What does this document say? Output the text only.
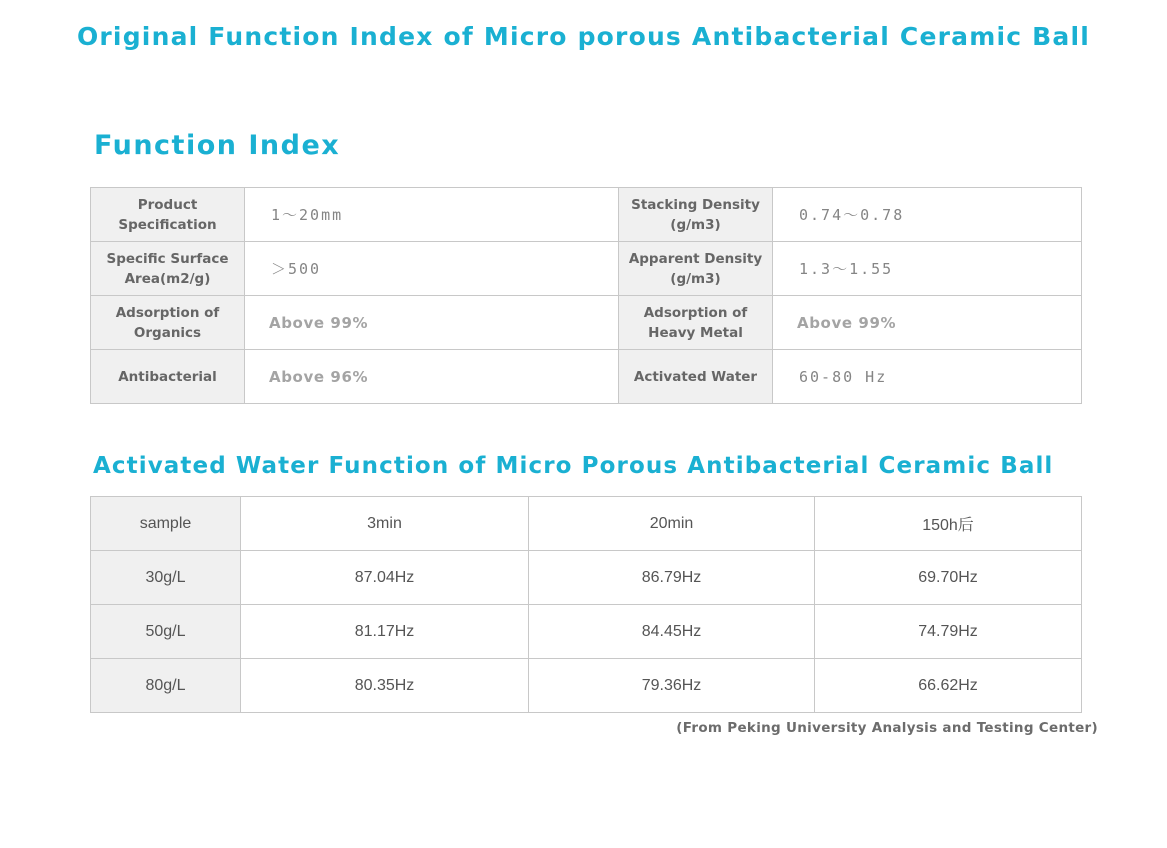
Original Function Index of Micro porous Antibacterial Ceramic Ball
Function Index
Product Specification	1～20mm	Stacking Density (g/m3)	0.74～0.78
Specific Surface Area(m2/g)	＞500	Apparent Density (g/m3)	1.3～1.55
Adsorption of Organics	Above 99%	Adsorption of Heavy Metal	Above 99%
Antibacterial	Above 96%	Activated Water	60-80 Hz
Activated Water Function of Micro Porous Antibacterial Ceramic Ball
sample	3min	20min	150h后
30g/L	87.04Hz	86.79Hz	69.70Hz
50g/L	81.17Hz	84.45Hz	74.79Hz
80g/L	80.35Hz	79.36Hz	66.62Hz
(From Peking University Analysis and Testing Center)
